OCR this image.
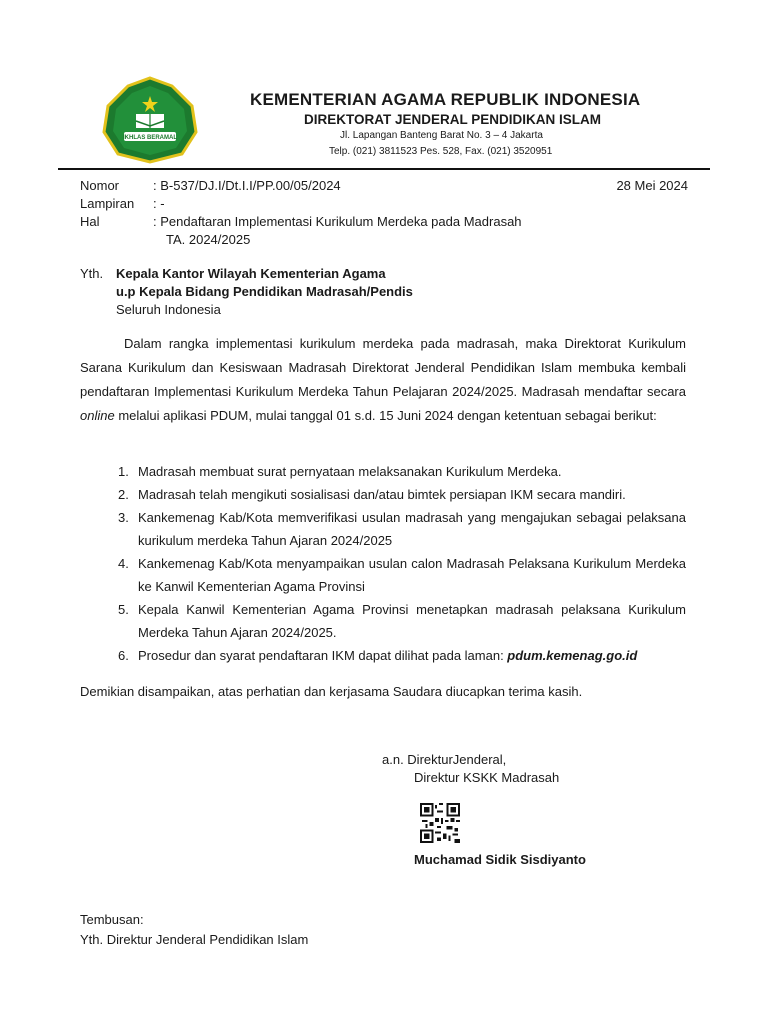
IKHLAS BERAMAL
KEMENTERIAN AGAMA REPUBLIK INDONESIA
DIREKTORAT JENDERAL PENDIDIKAN ISLAM
Jl. Lapangan Banteng Barat No. 3 – 4 Jakarta
Telp. (021) 3811523 Pes. 528, Fax. (021) 3520951
Nomor	: B-537/DJ.I/Dt.I.I/PP.00/05/2024	28 Mei 2024
Lampiran : -
Hal	: Pendaftaran Implementasi Kurikulum Merdeka pada Madrasah
TA. 2024/2025
Yth. Kepala Kantor Wilayah Kementerian Agama
u.p Kepala Bidang Pendidikan Madrasah/Pendis
Seluruh Indonesia
Dalam rangka implementasi kurikulum merdeka pada madrasah, maka Direktorat Kurikulum Sarana Kurikulum dan Kesiswaan Madrasah Direktorat Jenderal Pendidikan Islam membuka kembali pendaftaran Implementasi Kurikulum Merdeka Tahun Pelajaran 2024/2025. Madrasah mendaftar secara online melalui aplikasi PDUM, mulai tanggal 01 s.d. 15 Juni 2024 dengan ketentuan sebagai berikut:
1. Madrasah membuat surat pernyataan melaksanakan Kurikulum Merdeka.
2. Madrasah telah mengikuti sosialisasi dan/atau bimtek persiapan IKM secara mandiri.
3. Kankemenag Kab/Kota memverifikasi usulan madrasah yang mengajukan sebagai pelaksana kurikulum merdeka Tahun Ajaran 2024/2025
4. Kankemenag Kab/Kota menyampaikan usulan calon Madrasah Pelaksana Kurikulum Merdeka ke Kanwil Kementerian Agama Provinsi
5. Kepala Kanwil Kementerian Agama Provinsi menetapkan madrasah pelaksana Kurikulum Merdeka Tahun Ajaran 2024/2025.
6. Prosedur dan syarat pendaftaran IKM dapat dilihat pada laman: pdum.kemenag.go.id
Demikian disampaikan, atas perhatian dan kerjasama Saudara diucapkan terima kasih.
a.n. DirekturJenderal,
Direktur KSKK Madrasah
Muchamad Sidik Sisdiyanto
Tembusan:
Yth. Direktur Jenderal Pendidikan Islam
